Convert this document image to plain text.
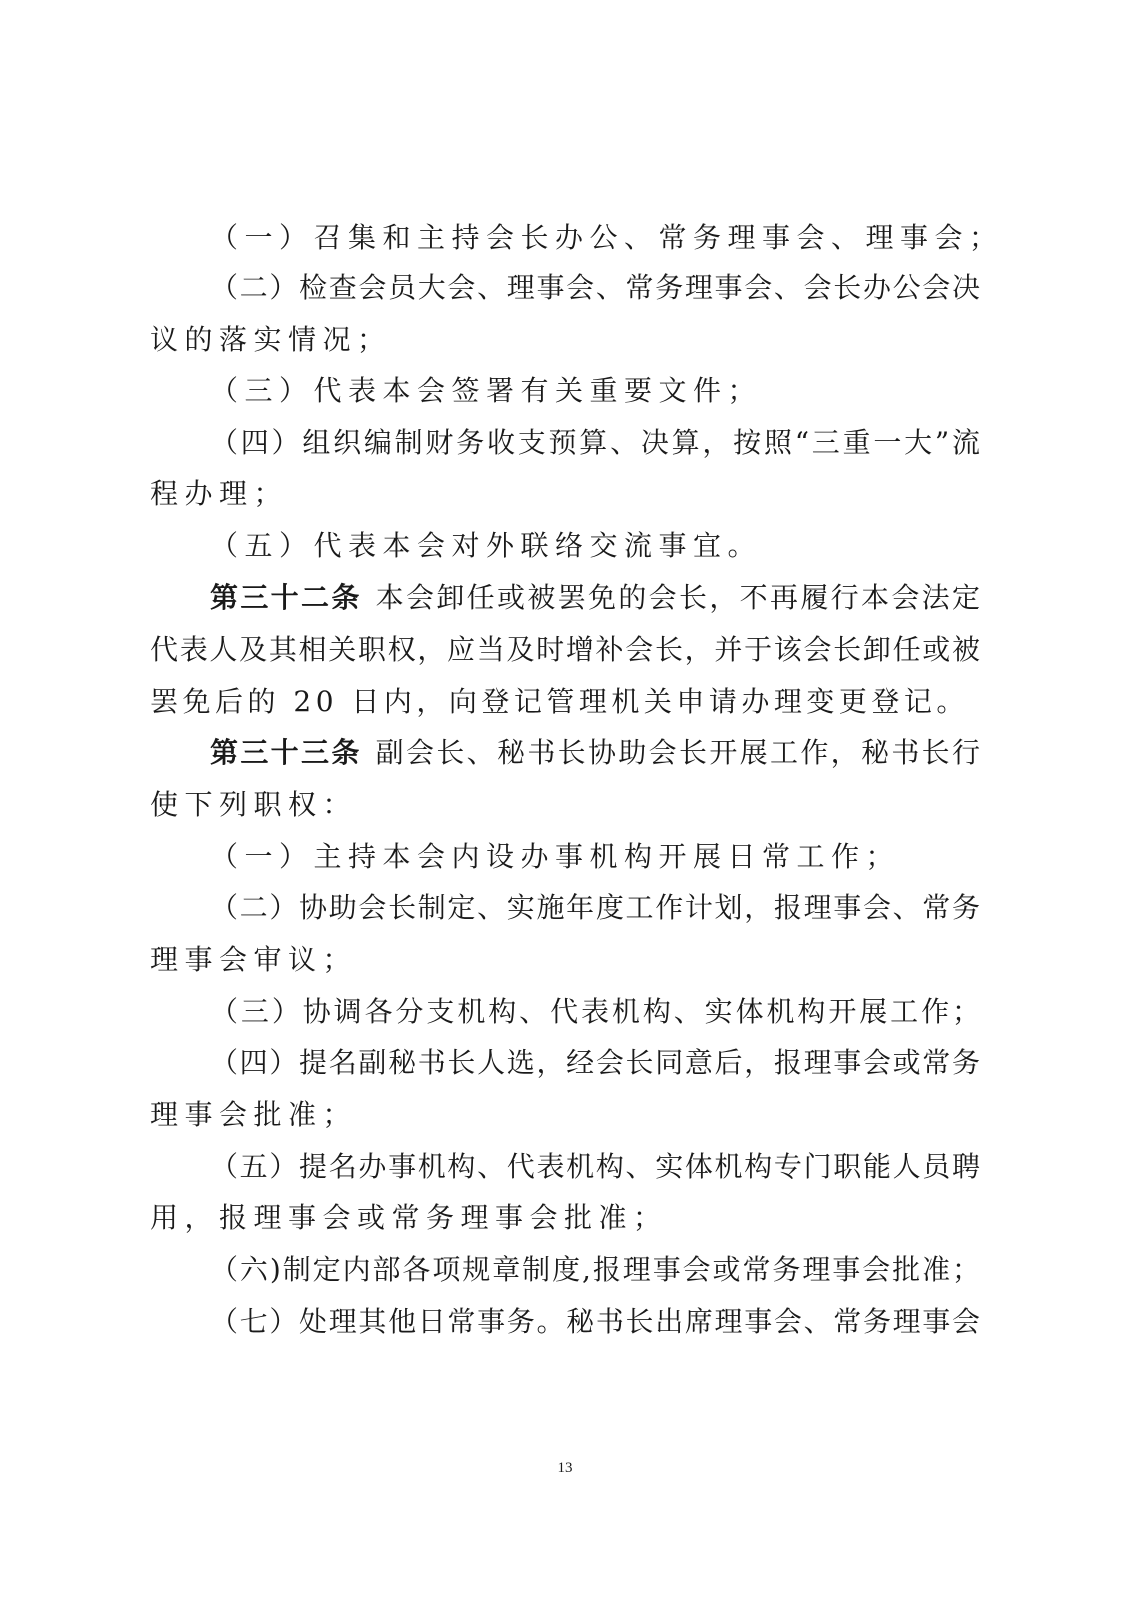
（一）召集和主持会长办公、常务理事会、理事会；
（二）检查会员大会、理事会、常务理事会、会长办公会决
议的落实情况；
（三）代表本会签署有关重要文件；
（四）组织编制财务收支预算、决算，按照“三重一大”流
程办理；
（五）代表本会对外联络交流事宜。
第三十二条 本会卸任或被罢免的会长，不再履行本会法定
代表人及其相关职权，应当及时增补会长，并于该会长卸任或被
罢免后的 20 日内，向登记管理机关申请办理变更登记。
第三十三条 副会长、秘书长协助会长开展工作，秘书长行
使下列职权：
（一）主持本会内设办事机构开展日常工作；
（二）协助会长制定、实施年度工作计划，报理事会、常务
理事会审议；
（三）协调各分支机构、代表机构、实体机构开展工作；
（四）提名副秘书长人选，经会长同意后，报理事会或常务
理事会批准；
（五）提名办事机构、代表机构、实体机构专门职能人员聘
用，报理事会或常务理事会批准；
（六)制定内部各项规章制度,报理事会或常务理事会批准；
（七）处理其他日常事务。秘书长出席理事会、常务理事会
13
